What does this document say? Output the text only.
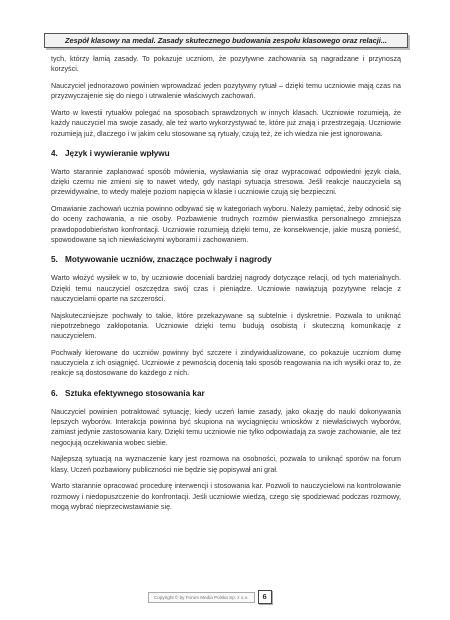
Zespół klasowy na medal. Zasady skutecznego budowania zespołu klasowego oraz relacji...

tych, którzy łamią zasady. To pokazuje uczniom, że pozytywne zachowania są nagradzane i przynoszą korzyści.

Nauczyciel jednorazowo powinien wprowadzać jeden pozytywny rytuał – dzięki temu uczniowie mają czas na przyzwyczajenie się do niego i utrwalenie właściwych zachowań.

Warto w kwestii rytuałów polegać na sposobach sprawdzonych w innych klasach. Uczniowie rozumieją, że każdy nauczyciel ma swoje zasady, ale też warto wykorzystywać te, które już znają i przestrzegają. Uczniowie rozumieją już, dlaczego i w jakim celu stosowane są rytuały, czują też, że ich wiedza nie jest ignorowana.

4. Język i wywieranie wpływu

Warto starannie zaplanować sposób mówienia, wysławiania się oraz wypracować odpowiedni język ciała, dzięki czemu nie zmieni się to nawet wtedy, gdy nastąpi sytuacja stresowa. Jeśli reakcje nauczyciela są przewidywalne, to wtedy maleje poziom napięcia w klasie i uczniowie czują się bezpieczni.

Omawianie zachowań ucznia powinno odbywać się w kategoriach wyboru. Należy pamiętać, żeby odnosić się do oceny zachowania, a nie osoby. Pozbawienie trudnych rozmów pierwiastka personalnego zmniejsza prawdopodobieństwo konfrontacji. Uczniowie rozumieją dzięki temu, że konsekwencje, jakie muszą ponieść, spowodowane są ich niewłaściwymi wyborami i zachowaniem.

5. Motywowanie uczniów, znaczące pochwały i nagrody

Warto włożyć wysiłek w to, by uczniowie doceniali bardziej nagrody dotyczące relacji, od tych materialnych. Dzięki temu nauczyciel oszczędza swój czas i pieniądze. Uczniowie nawiązują pozytywne relacje z nauczycielami oparte na szczerości.

Najskuteczniejsze pochwały to takie, które przekazywane są subtelnie i dyskretnie. Pozwala to uniknąć niepotrzebnego zakłopotania. Uczniowie dzięki temu budują osobistą i skuteczną komunikację z nauczycielem.

Pochwały kierowane do uczniów powinny być szczere i zindywidualizowane, co pokazuje uczniom dumę nauczyciela z ich osiągnięć. Uczniowie z pewnością docenią taki sposób reagowania na ich wysiłki oraz to, że reakcje są dostosowane do każdego z nich.

6. Sztuka efektywnego stosowania kar

Nauczyciel powinien potraktować sytuację, kiedy uczeń łamie zasady, jako okazję do nauki dokonywania lepszych wyborów. Interakcja powinna być skupiona na wyciągnięciu wniosków z niewłaściwych wyborów, zamiast jedynie zastosowania kary. Dzięki temu uczniowie nie tylko odpowiadają za swoje zachowanie, ale też negocjują oczekiwania wobec siebie.

Najlepszą sytuacją na wyznaczenie kary jest rozmowa na osobności, pozwala to uniknąć sporów na forum klasy. Uczeń pozbawiony publiczności nie będzie się popisywał ani grał.

Warto starannie opracować procedurę interwencji i stosowania kar. Pozwoli to nauczycielowi na kontrolowanie rozmowy i niedopuszczenie do konfrontacji. Jeśli uczniowie wiedzą, czego się spodziewać podczas rozmowy, mogą wybrać nieprzeciwstawianie się.

Copyright © by Forum Media Polska Sp. z o.o.	6
